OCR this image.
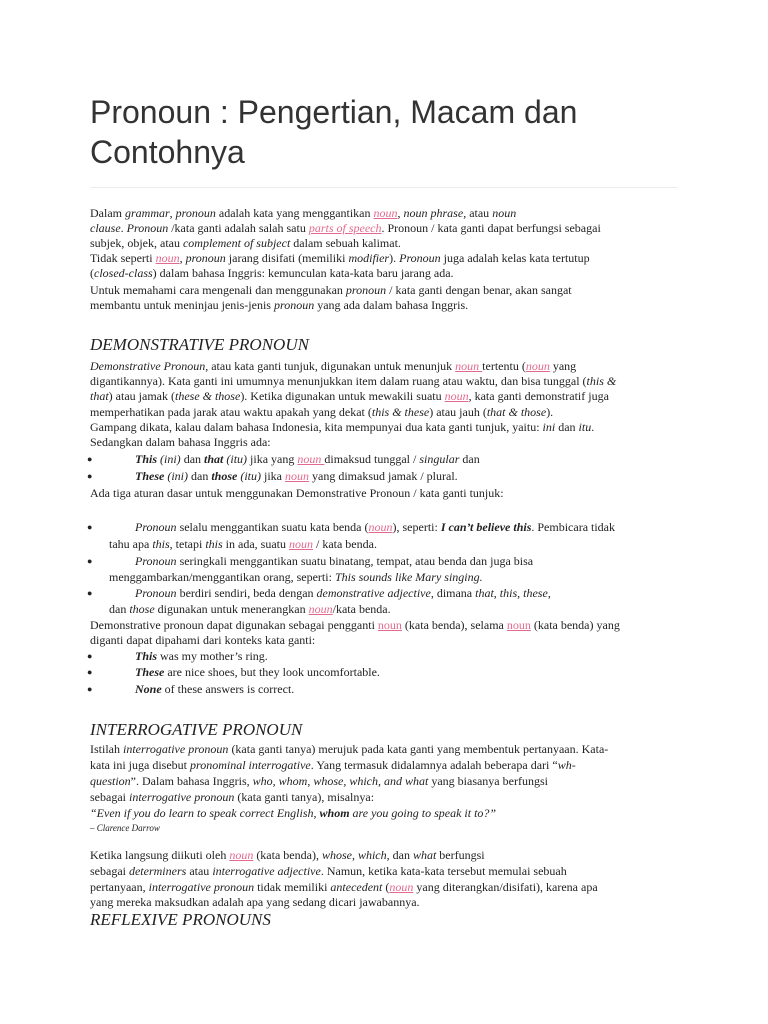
Pronoun : Pengertian, Macam dan Contohnya
Dalam grammar, pronoun adalah kata yang menggantikan noun, noun phrase, atau noun
clause. Pronoun /kata ganti adalah salah satu parts of speech. Pronoun / kata ganti dapat berfungsi sebagai
subjek, objek, atau complement of subject dalam sebuah kalimat.
Tidak seperti noun, pronoun jarang disifati (memiliki modifier). Pronoun juga adalah kelas kata tertutup
(closed-class) dalam bahasa Inggris: kemunculan kata-kata baru jarang ada.
Untuk memahami cara mengenali dan menggunakan pronoun / kata ganti dengan benar, akan sangat
membantu untuk meninjau jenis-jenis pronoun yang ada dalam bahasa Inggris.
DEMONSTRATIVE PRONOUN
Demonstrative Pronoun, atau kata ganti tunjuk, digunakan untuk menunjuk noun tertentu (noun yang
digantikannya). Kata ganti ini umumnya menunjukkan item dalam ruang atau waktu, dan bisa tunggal (this &
that) atau jamak (these & those). Ketika digunakan untuk mewakili suatu noun, kata ganti demonstratif juga
memperhatikan pada jarak atau waktu apakah yang dekat (this & these) atau jauh (that & those).
Gampang dikata, kalau dalam bahasa Indonesia, kita mempunyai dua kata ganti tunjuk, yaitu: ini dan itu.
Sedangkan dalam bahasa Inggris ada:
●	This (ini) dan that (itu) jika yang noun dimaksud tunggal / singular dan
●	These (ini) dan those (itu) jika noun yang dimaksud jamak / plural.
Ada tiga aturan dasar untuk menggunakan Demonstrative Pronoun / kata ganti tunjuk:
●	Pronoun selalu menggantikan suatu kata benda (noun), seperti: I can’t believe this. Pembicara tidak
tahu apa this, tetapi this in ada, suatu noun / kata benda.
●	Pronoun seringkali menggantikan suatu binatang, tempat, atau benda dan juga bisa
menggambarkan/menggantikan orang, seperti: This sounds like Mary singing.
●	Pronoun berdiri sendiri, beda dengan demonstrative adjective, dimana that, this, these,
dan those digunakan untuk menerangkan noun/kata benda.
Demonstrative pronoun dapat digunakan sebagai pengganti noun (kata benda), selama noun (kata benda) yang
diganti dapat dipahami dari konteks kata ganti:
●	This was my mother’s ring.
●	These are nice shoes, but they look uncomfortable.
●	None of these answers is correct.
INTERROGATIVE PRONOUN
Istilah interrogative pronoun (kata ganti tanya) merujuk pada kata ganti yang membentuk pertanyaan. Kata-
kata ini juga disebut pronominal interrogative. Yang termasuk didalamnya adalah beberapa dari “wh-
question”. Dalam bahasa Inggris, who, whom, whose, which, and what yang biasanya berfungsi
sebagai interrogative pronoun (kata ganti tanya), misalnya:
“Even if you do learn to speak correct English, whom are you going to speak it to?”
– Clarence Darrow
Ketika langsung diikuti oleh noun (kata benda), whose, which, dan what berfungsi
sebagai determiners atau interrogative adjective. Namun, ketika kata-kata tersebut memulai sebuah
pertanyaan, interrogative pronoun tidak memiliki antecedent (noun yang diterangkan/disifati), karena apa
yang mereka maksudkan adalah apa yang sedang dicari jawabannya.
REFLEXIVE PRONOUNS
